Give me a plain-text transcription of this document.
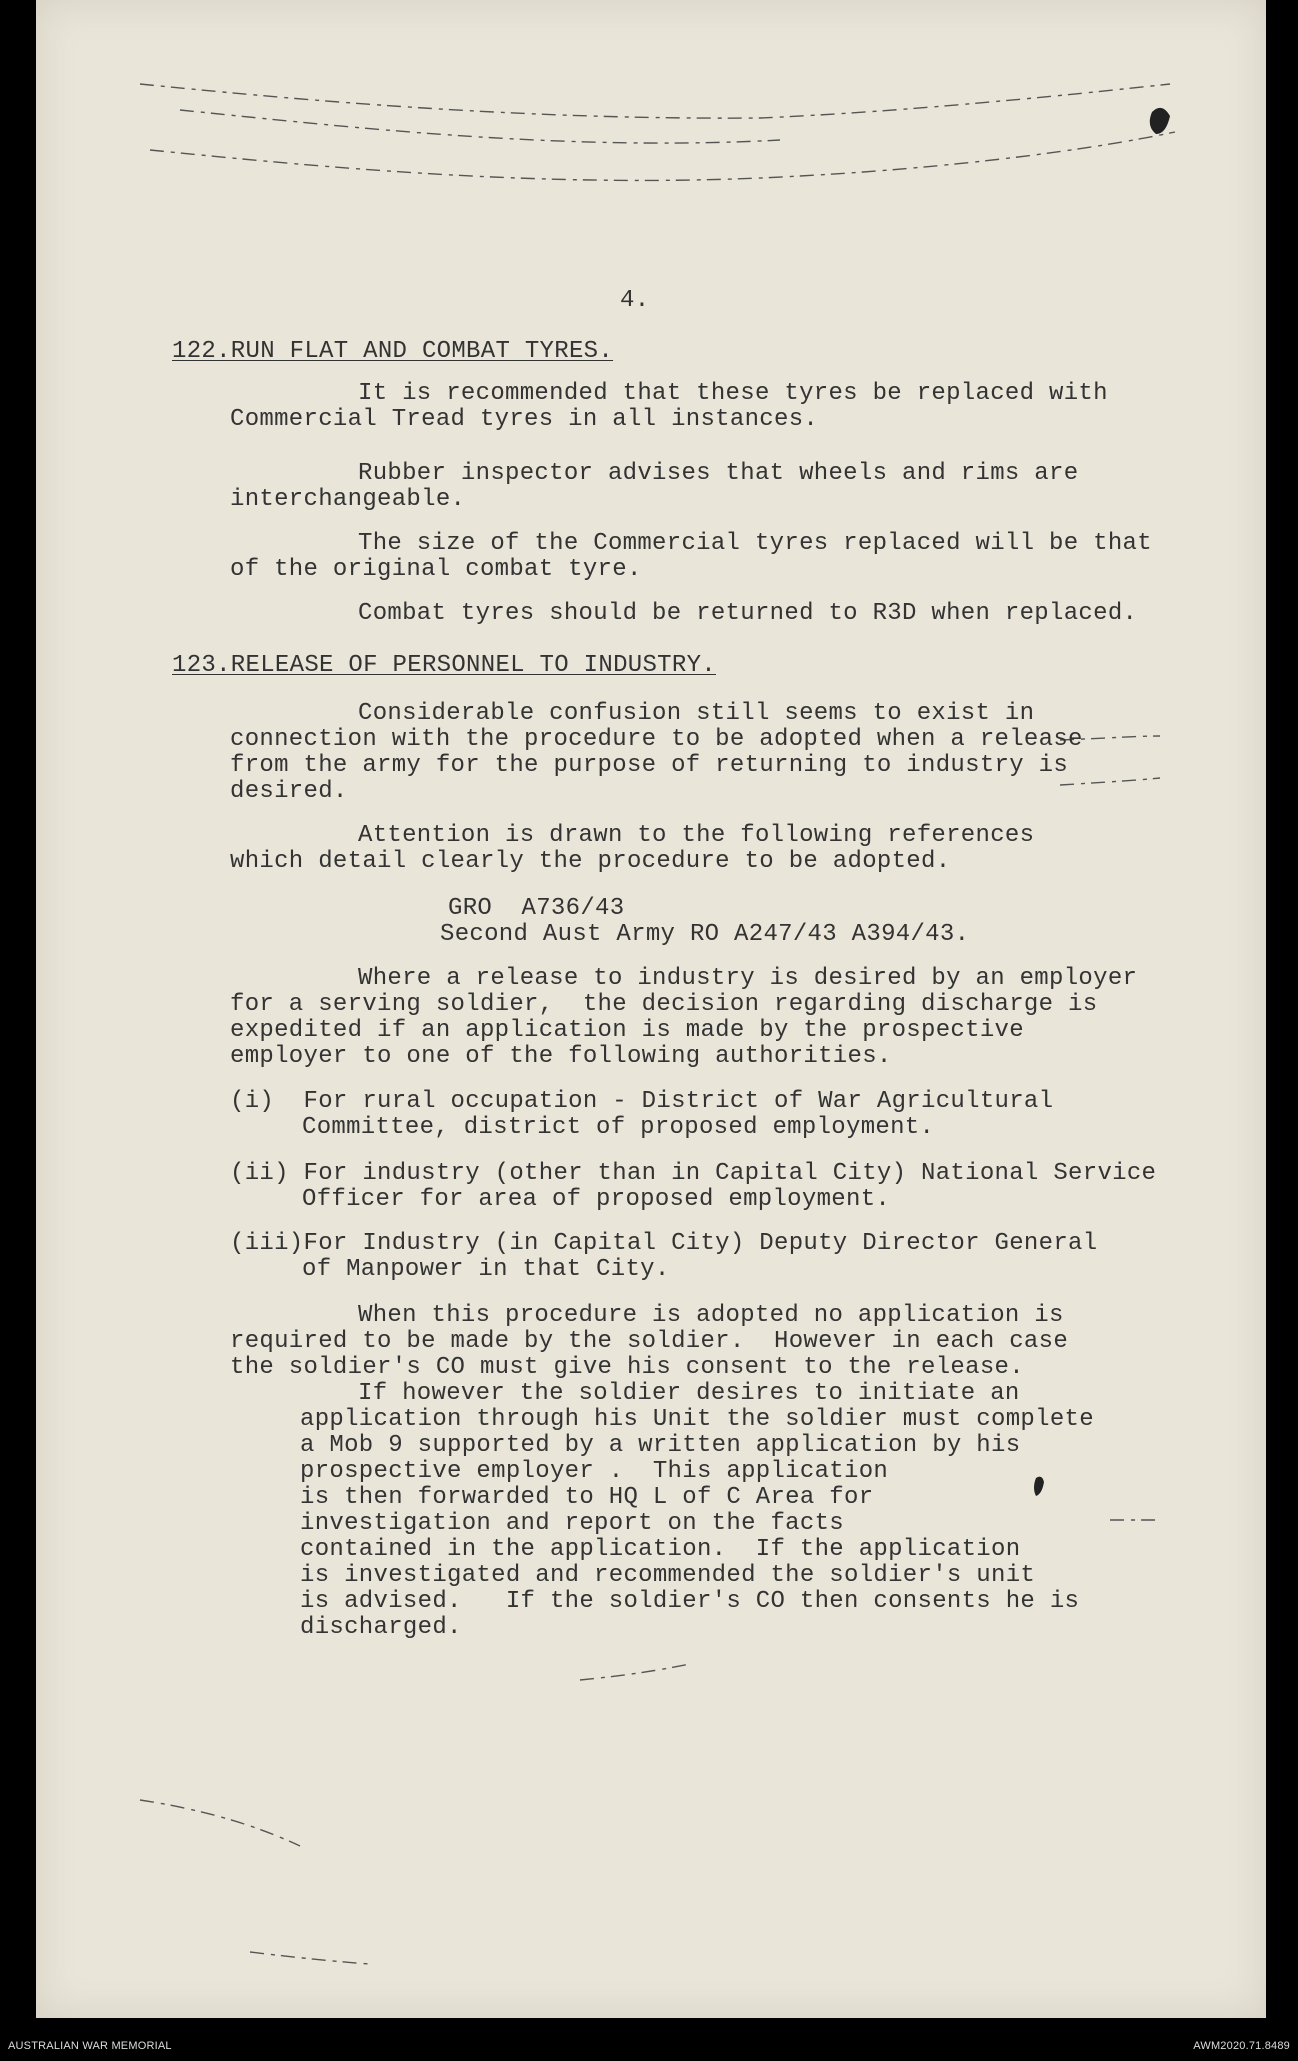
4.
122.RUN FLAT AND COMBAT TYRES.
It is recommended that these tyres be replaced with
Commercial Tread tyres in all instances.
Rubber inspector advises that wheels and rims are
interchangeable.
The size of the Commercial tyres replaced will be that
of the original combat tyre.
Combat tyres should be returned to R3D when replaced.
123.RELEASE OF PERSONNEL TO INDUSTRY.
Considerable confusion still seems to exist in
connection with the procedure to be adopted when a release
from the army for the purpose of returning to industry is
desired.
Attention is drawn to the following references
which detail clearly the procedure to be adopted.
GRO  A736/43
Second Aust Army RO A247/43 A394/43.
Where a release to industry is desired by an employer
for a serving soldier,  the decision regarding discharge is
expedited if an application is made by the prospective
employer to one of the following authorities.
(i)  For rural occupation - District of War Agricultural
Committee, district of proposed employment.
(ii) For industry (other than in Capital City) National Service
Officer for area of proposed employment.
(iii)For Industry (in Capital City) Deputy Director General
of Manpower in that City.
When this procedure is adopted no application is
required to be made by the soldier.  However in each case
the soldier's CO must give his consent to the release.
If however the soldier desires to initiate an
application through his Unit the soldier must complete
a Mob 9 supported by a written application by his
prospective employer .  This application
is then forwarded to HQ L of C Area for
investigation and report on the facts
contained in the application.  If the application
is investigated and recommended the soldier's unit
is advised.   If the soldier's CO then consents he is
discharged.
AUSTRALIAN WAR MEMORIAL	AWM2020.71.8489
